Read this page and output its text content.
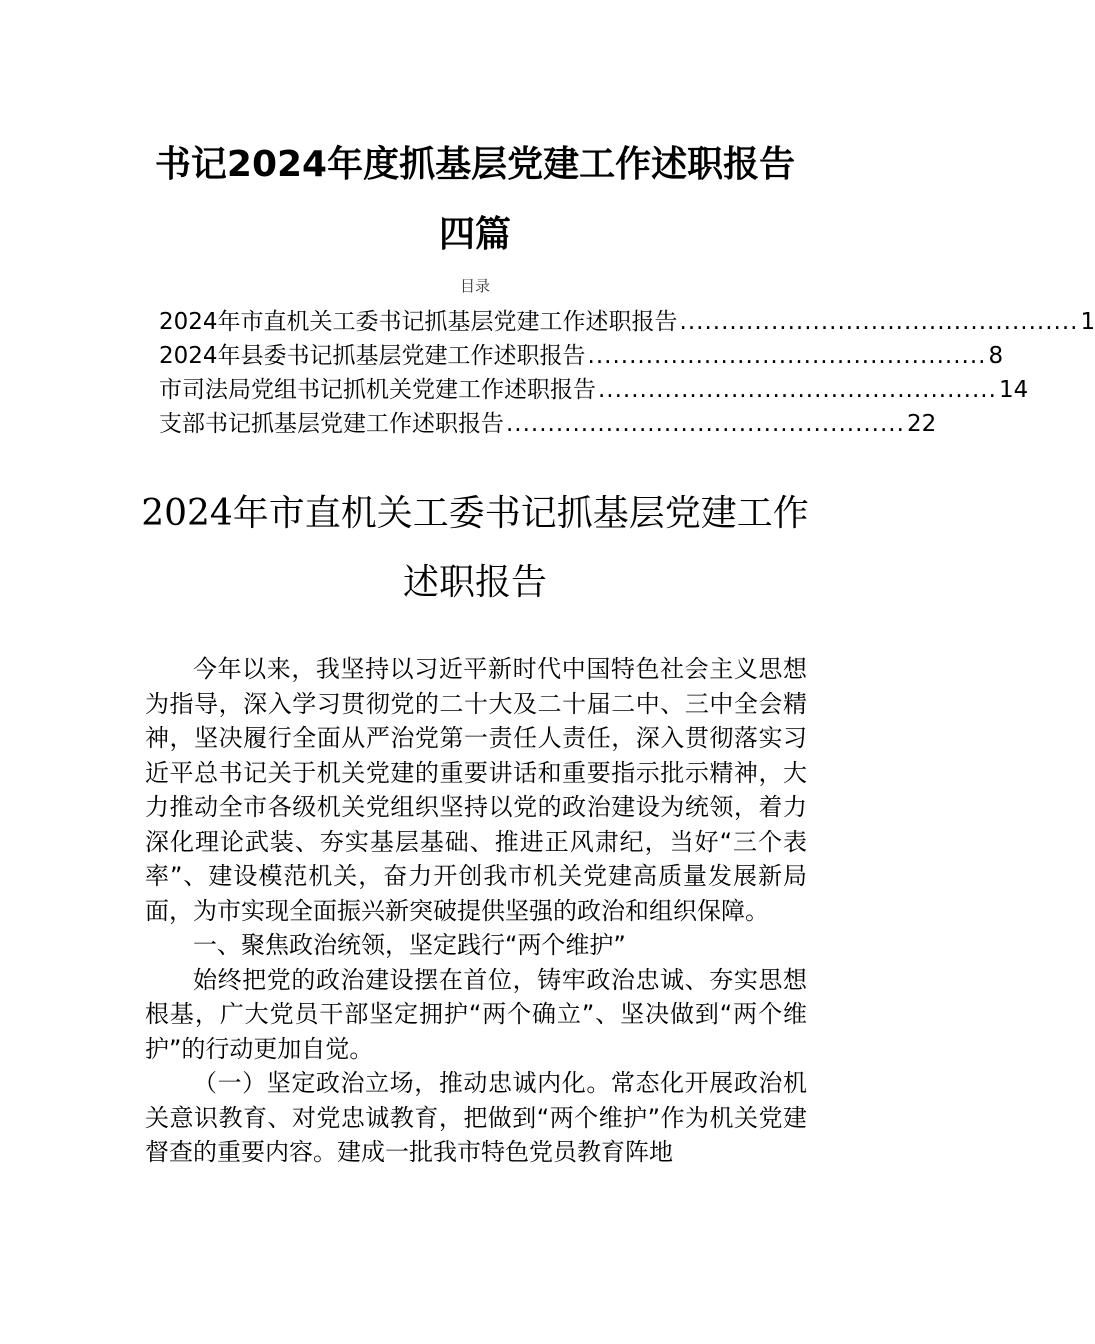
书记2024年度抓基层党建工作述职报告
四篇
目录
2024年市直机关工委书记抓基层党建工作述职报告 ................................................ 1
2024年县委书记抓基层党建工作述职报告 ................................................ 8
市司法局党组书记抓机关党建工作述职报告 ................................................ 14
支部书记抓基层党建工作述职报告 ................................................ 22
2024年市直机关工委书记抓基层党建工作
述职报告

今年以来，我坚持以习近平新时代中国特色社会主义思想为指导，深入学习贯彻党的二十大及二十届二中、三中全会精神，坚决履行全面从严治党第一责任人责任，深入贯彻落实习近平总书记关于机关党建的重要讲话和重要指示批示精神，大力推动全市各级机关党组织坚持以党的政治建设为统领，着力深化理论武装、夯实基层基础、推进正风肃纪，当好“三个表率”、建设模范机关，奋力开创我市机关党建高质量发展新局面，为市实现全面振兴新突破提供坚强的政治和组织保障。

一、聚焦政治统领，坚定践行“两个维护”

始终把党的政治建设摆在首位，铸牢政治忠诚、夯实思想根基，广大党员干部坚定拥护“两个确立”、坚决做到“两个维护”的行动更加自觉。

（一）坚定政治立场，推动忠诚内化。常态化开展政治机关意识教育、对党忠诚教育，把做到“两个维护”作为机关党建督查的重要内容。建成一批我市特色党员教育阵地
